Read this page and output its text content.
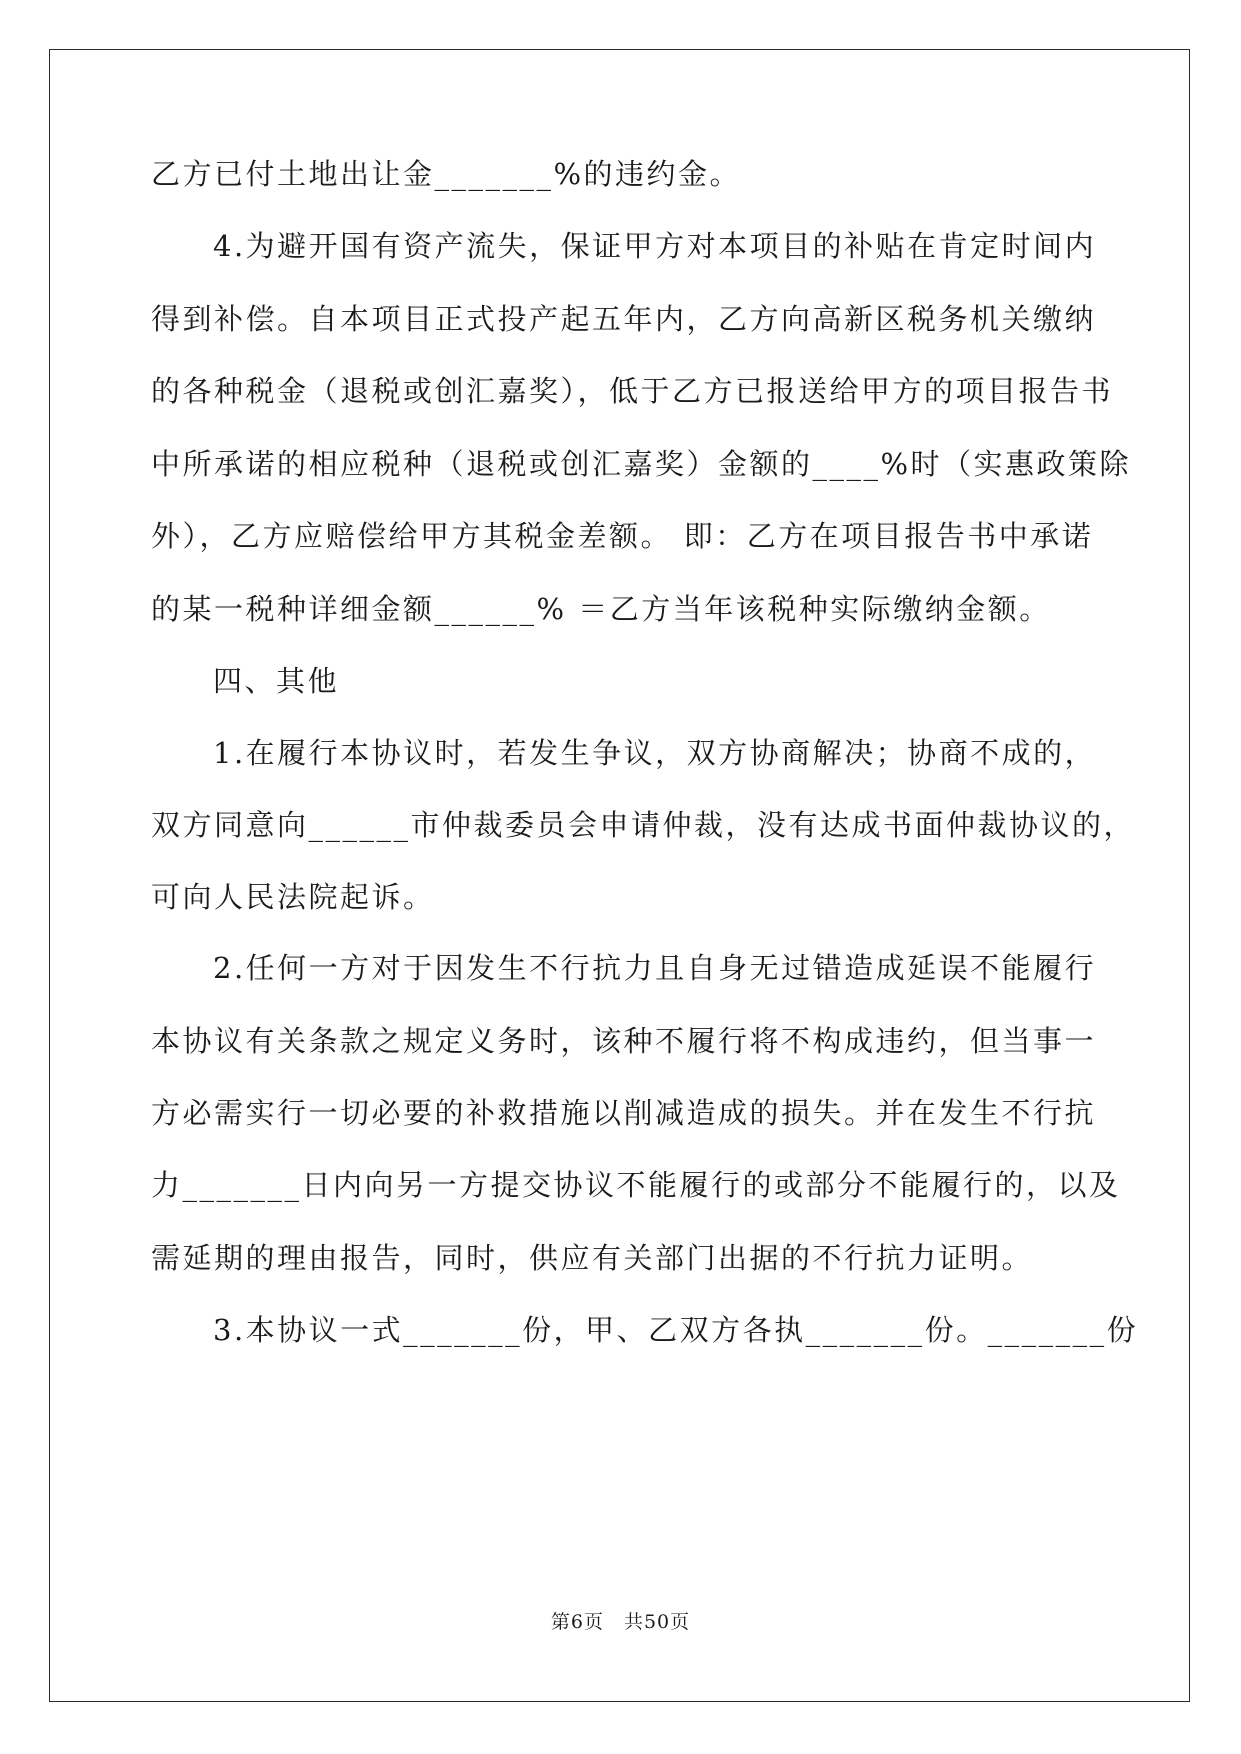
乙方已付土地出让金_______%的违约金。
4.为避开国有资产流失，保证甲方对本项目的补贴在肯定时间内
得到补偿。自本项目正式投产起五年内，乙方向高新区税务机关缴纳
的各种税金（退税或创汇嘉奖），低于乙方已报送给甲方的项目报告书
中所承诺的相应税种（退税或创汇嘉奖）金额的____%时（实惠政策除
外），乙方应赔偿给甲方其税金差额。 即：乙方在项目报告书中承诺
的某一税种详细金额______% ＝乙方当年该税种实际缴纳金额。
四、其他
1.在履行本协议时，若发生争议，双方协商解决；协商不成的，
双方同意向______市仲裁委员会申请仲裁，没有达成书面仲裁协议的，
可向人民法院起诉。
2.任何一方对于因发生不行抗力且自身无过错造成延误不能履行
本协议有关条款之规定义务时，该种不履行将不构成违约，但当事一
方必需实行一切必要的补救措施以削减造成的损失。并在发生不行抗
力_______日内向另一方提交协议不能履行的或部分不能履行的，以及
需延期的理由报告，同时，供应有关部门出据的不行抗力证明。
3.本协议一式_______份，甲、乙双方各执_______份。_______份
第6页　共50页
